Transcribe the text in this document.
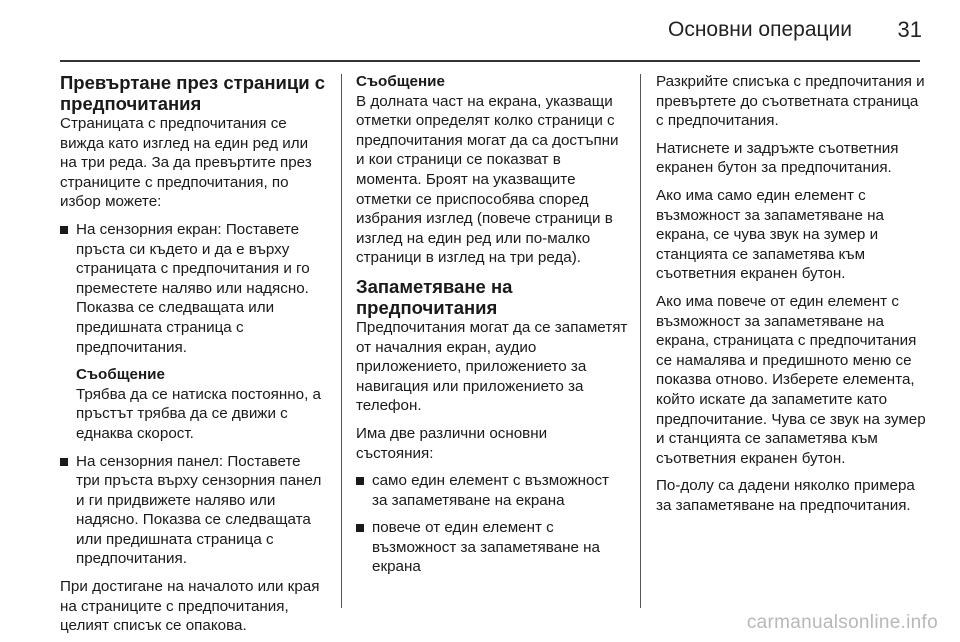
Основни операции 31
Превъртане през страници с предпочитания

Страницата с предпочитания се вижда като изглед на един ред или на три реда. За да превъртите през страниците с предпочитания, по избор можете:

На сензорния екран: Поставете пръста си където и да е върху страницата с предпочитания и го преместете наляво или надясно. Показва се следващата или предишната страница с предпочитания.
Съобщение
Трябва да се натиска постоянно, а пръстът трябва да се движи с еднаква скорост.
На сензорния панел: Поставете три пръста върху сензорния панел и ги придвижете наляво или надясно. Показва се следващата или предишната страница с предпочитания.

При достигане на началото или края на страниците с предпочитания, целият списък се опакова.

Съобщение
В долната част на екрана, указващи отметки определят колко страници с предпочитания могат да са достъпни и кои страници се показват в момента. Броят на указващите отметки се приспособява според избрания изглед (повече страници в изглед на един ред или по-малко страници в изглед на три реда).
Запаметяване на предпочитания

Предпочитания могат да се запаметят от началния екран, аудио приложението, приложението за навигация или приложението за телефон.

Има две различни основни състояния:

само един елемент с възможност за запаметяване на екрана
повече от един елемент с възможност за запаметяване на екрана

Разкрийте списъка с предпочитания и превъртете до съответната страница с предпочитания.

Натиснете и задръжте съответния екранен бутон за предпочитания.

Ако има само един елемент с възможност за запаметяване на екрана, се чува звук на зумер и станцията се запаметява към съответния екранен бутон.

Ако има повече от един елемент с възможност за запаметяване на екрана, страницата с предпочитания се намалява и предишното меню се показва отново. Изберете елемента, който искате да запаметите като предпочитание. Чува се звук на зумер и станцията се запаметява към съответния екранен бутон.

По-долу са дадени няколко примера за запаметяване на предпочитания.

carmanualsonline.info
